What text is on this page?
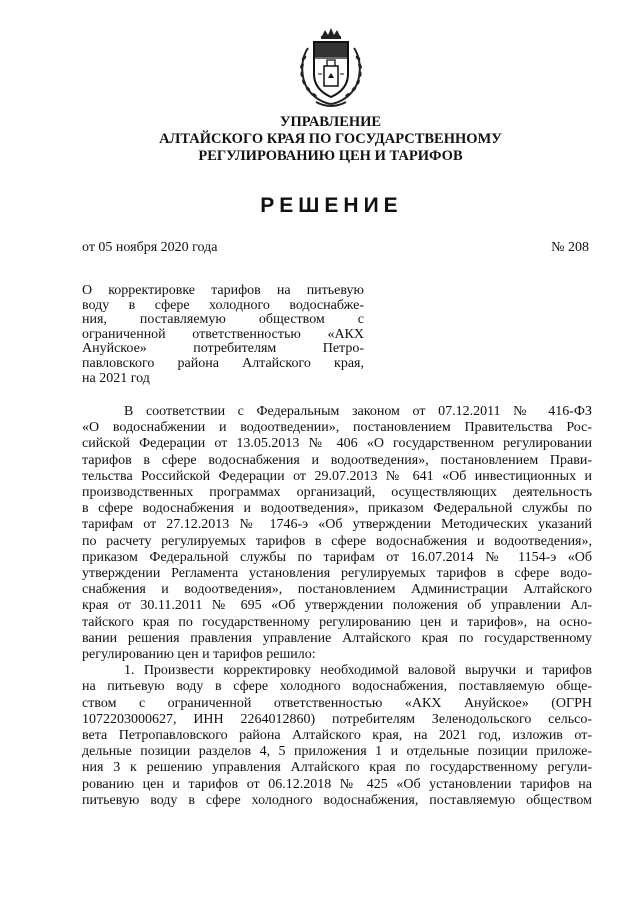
УПРАВЛЕНИЕ
АЛТАЙСКОГО КРАЯ ПО ГОСУДАРСТВЕННОМУ
РЕГУЛИРОВАНИЮ ЦЕН И ТАРИФОВ
РЕШЕНИЕ
от 05 ноября 2020 года	№ 208
О корректировке тарифов на питьевую
воду в сфере холодного водоснабже-
ния, поставляемую обществом с
ограниченной ответственностью «АКХ
Ануйское» потребителям Петро-
павловского района Алтайского края,
на 2021 год
В соответствии с Федеральным законом от 07.12.2011 № 416-ФЗ
«О водоснабжении и водоотведении», постановлением Правительства Рос-
сийской Федерации от 13.05.2013 № 406 «О государственном регулировании
тарифов в сфере водоснабжения и водоотведения», постановлением Прави-
тельства Российской Федерации от 29.07.2013 № 641 «Об инвестиционных и
производственных программах организаций, осуществляющих деятельность
в сфере водоснабжения и водоотведения», приказом Федеральной службы по
тарифам от 27.12.2013 № 1746-э «Об утверждении Методических указаний
по расчету регулируемых тарифов в сфере водоснабжения и водоотведения»,
приказом Федеральной службы по тарифам от 16.07.2014 № 1154-э «Об
утверждении Регламента установления регулируемых тарифов в сфере водо-
снабжения и водоотведения», постановлением Администрации Алтайского
края от 30.11.2011 № 695 «Об утверждении положения об управлении Ал-
тайского края по государственному регулированию цен и тарифов», на осно-
вании решения правления управление Алтайского края по государственному
регулированию цен и тарифов решило:
1. Произвести корректировку необходимой валовой выручки и тарифов
на питьевую воду в сфере холодного водоснабжения, поставляемую обще-
ством с ограниченной ответственностью «АКХ Ануйское» (ОГРН
1072203000627, ИНН 2264012860) потребителям Зеленодольского сельсо-
вета Петропавловского района Алтайского края, на 2021 год, изложив от-
дельные позиции разделов 4, 5 приложения 1 и отдельные позиции приложе-
ния 3 к решению управления Алтайского края по государственному регули-
рованию цен и тарифов от 06.12.2018 № 425 «Об установлении тарифов на
питьевую воду в сфере холодного водоснабжения, поставляемую обществом
